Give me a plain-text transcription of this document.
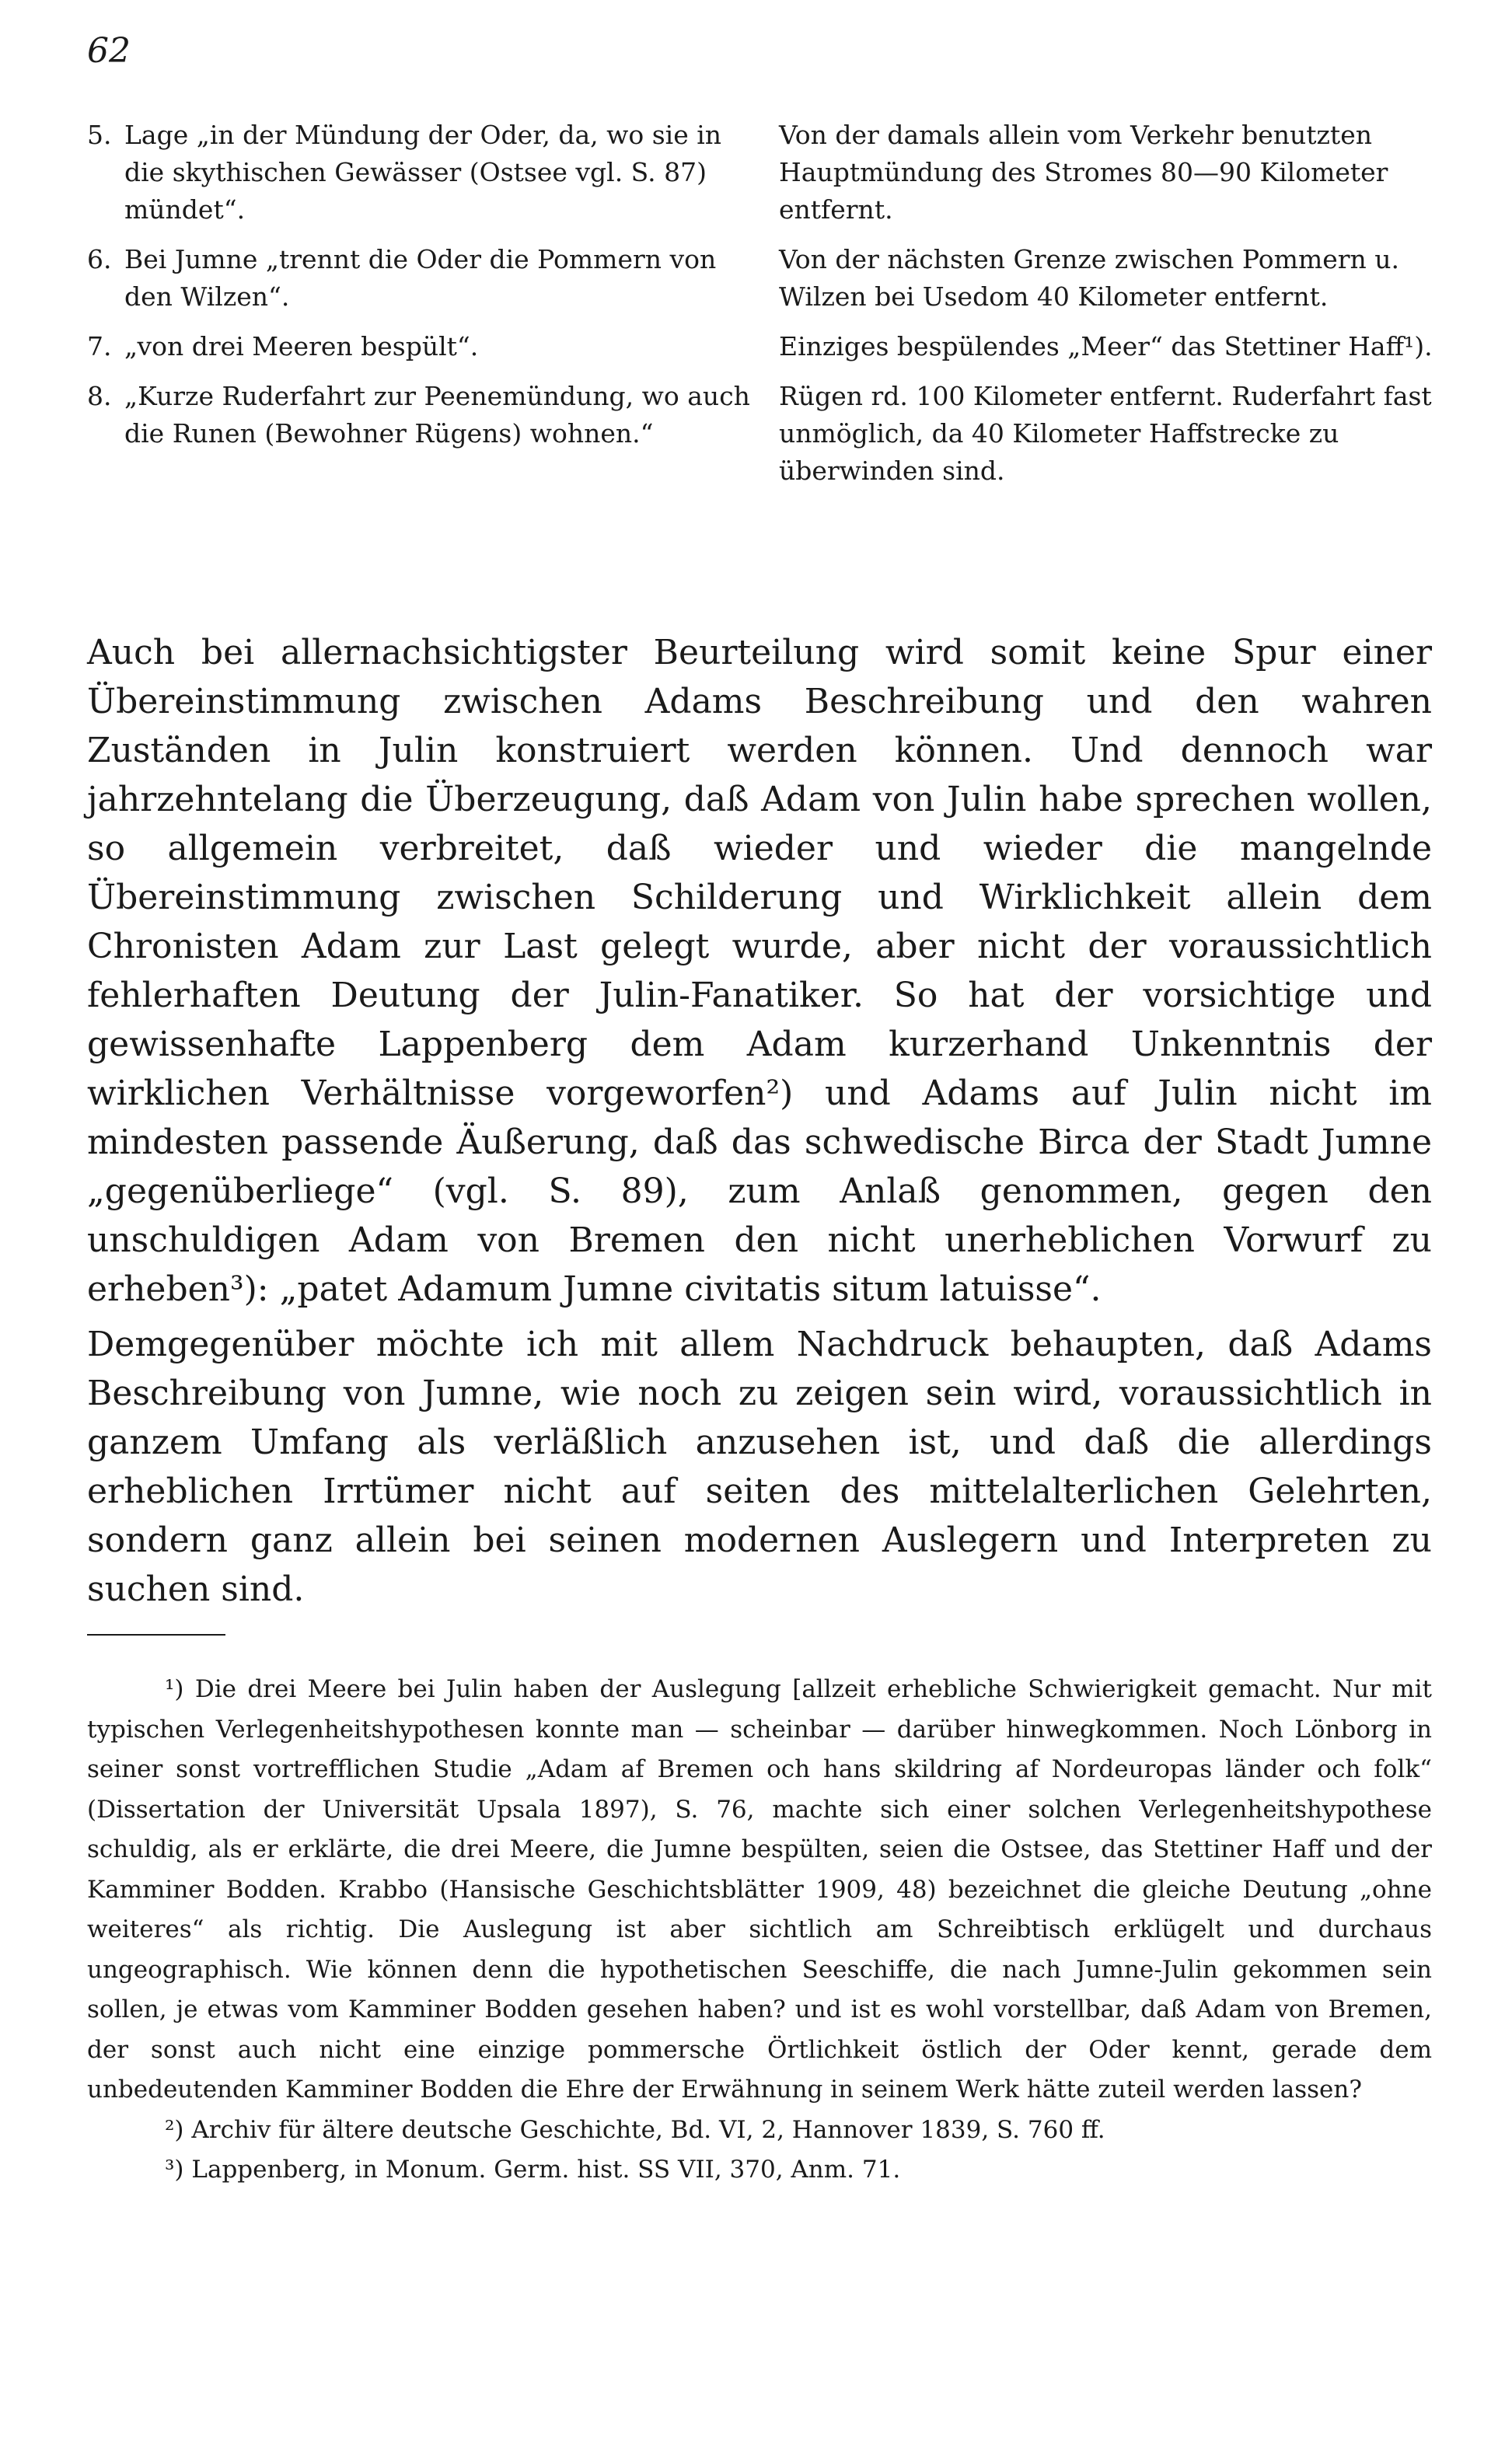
62
5. Lage „in der Mündung der Oder, da, wo sie in die skythischen Gewässer (Ostsee vgl. S. 87) mündet“.
Von der damals allein vom Verkehr benutzten Hauptmündung des Stromes 80—90 Kilometer entfernt.
6. Bei Jumne „trennt die Oder die Pommern von den Wilzen“.
Von der nächsten Grenze zwischen Pommern u. Wilzen bei Usedom 40 Kilometer entfernt.
7. „von drei Meeren bespült“.	Einziges bespülendes „Meer“ das Stettiner Haff¹).
8. „Kurze Ruderfahrt zur Peenemündung, wo auch die Runen (Bewohner Rügens) wohnen.“
Rügen rd. 100 Kilometer entfernt. Ruderfahrt fast unmöglich, da 40 Kilometer Haffstrecke zu überwinden sind.

Auch bei allernachsichtigster Beurteilung wird somit keine Spur einer Übereinstimmung zwischen Adams Beschreibung und den wahren Zuständen in Julin konstruiert werden können. Und dennoch war jahrzehntelang die Überzeugung, daß Adam von Julin habe sprechen wollen, so allgemein verbreitet, daß wieder und wieder die mangelnde Übereinstimmung zwischen Schilderung und Wirklichkeit allein dem Chronisten Adam zur Last gelegt wurde, aber nicht der voraussichtlich fehlerhaften Deutung der Julin-Fanatiker. So hat der vorsichtige und gewissenhafte Lappenberg dem Adam kurzerhand Unkenntnis der wirklichen Verhältnisse vorgeworfen²) und Adams auf Julin nicht im mindesten passende Äußerung, daß das schwedische Birca der Stadt Jumne „gegenüberliege“ (vgl. S. 89), zum Anlaß genommen, gegen den unschuldigen Adam von Bremen den nicht unerheblichen Vorwurf zu erheben³): „patet Adamum Jumne civitatis situm latuisse“.

Demgegenüber möchte ich mit allem Nachdruck behaupten, daß Adams Beschreibung von Jumne, wie noch zu zeigen sein wird, voraussichtlich in ganzem Umfang als verläßlich anzusehen ist, und daß die allerdings erheblichen Irrtümer nicht auf seiten des mittelalterlichen Gelehrten, sondern ganz allein bei seinen modernen Auslegern und Interpreten zu suchen sind.

¹) Die drei Meere bei Julin haben der Auslegung [allzeit erhebliche Schwierigkeit gemacht. Nur mit typischen Verlegenheitshypothesen konnte man — scheinbar — darüber hinwegkommen. Noch Lönborg in seiner sonst vortrefflichen Studie „Adam af Bremen och hans skildring af Nordeuropas länder och folk“ (Dissertation der Universität Upsala 1897), S. 76, machte sich einer solchen Verlegenheitshypothese schuldig, als er erklärte, die drei Meere, die Jumne bespülten, seien die Ostsee, das Stettiner Haff und der Kamminer Bodden. Krabbo (Hansische Geschichtsblätter 1909, 48) bezeichnet die gleiche Deutung „ohne weiteres“ als richtig. Die Auslegung ist aber sichtlich am Schreibtisch erklügelt und durchaus ungeographisch. Wie können denn die hypothetischen Seeschiffe, die nach Jumne-Julin gekommen sein sollen, je etwas vom Kamminer Bodden gesehen haben? und ist es wohl vorstellbar, daß Adam von Bremen, der sonst auch nicht eine einzige pommersche Örtlichkeit östlich der Oder kennt, gerade dem unbedeutenden Kamminer Bodden die Ehre der Erwähnung in seinem Werk hätte zuteil werden lassen?

²) Archiv für ältere deutsche Geschichte, Bd. VI, 2, Hannover 1839, S. 760 ff.

³) Lappenberg, in Monum. Germ. hist. SS VII, 370, Anm. 71.
